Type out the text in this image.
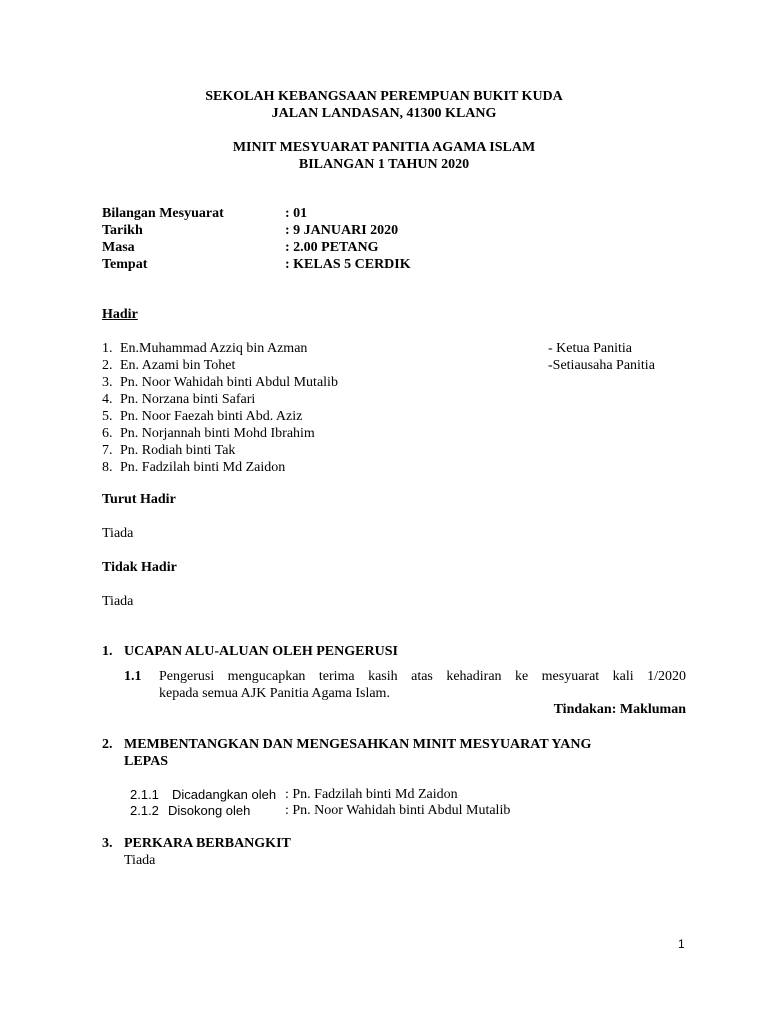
SEKOLAH KEBANGSAAN PEREMPUAN BUKIT KUDA
JALAN LANDASAN, 41300 KLANG
MINIT MESYUARAT PANITIA AGAMA ISLAM
BILANGAN 1 TAHUN 2020
Bilangan Mesyuarat	: 01
Tarikh	: 9 JANUARI 2020
Masa	: 2.00 PETANG
Tempat	: KELAS 5 CERDIK
Hadir
1. En.Muhammad Azziq bin Azman	- Ketua Panitia
2. En. Azami bin Tohet	-Setiausaha Panitia
3. Pn. Noor Wahidah binti Abdul Mutalib
4. Pn. Norzana binti Safari
5. Pn. Noor Faezah binti Abd. Aziz
6. Pn. Norjannah binti Mohd Ibrahim
7. Pn. Rodiah binti Tak
8. Pn. Fadzilah binti Md Zaidon
Turut Hadir
Tiada
Tidak Hadir
Tiada
1. UCAPAN ALU-ALUAN OLEH PENGERUSI
1.1 Pengerusi mengucapkan terima kasih atas kehadiran ke mesyuarat kali 1/2020
kepada semua AJK Panitia Agama Islam.
Tindakan: Makluman
2. MEMBENTANGKAN DAN MENGESAHKAN MINIT MESYUARAT YANG
LEPAS
2.1.1 Dicadangkan oleh : Pn. Fadzilah binti Md Zaidon
2.1.2 Disokong oleh : Pn. Noor Wahidah binti Abdul Mutalib
3. PERKARA BERBANGKIT
Tiada
1
